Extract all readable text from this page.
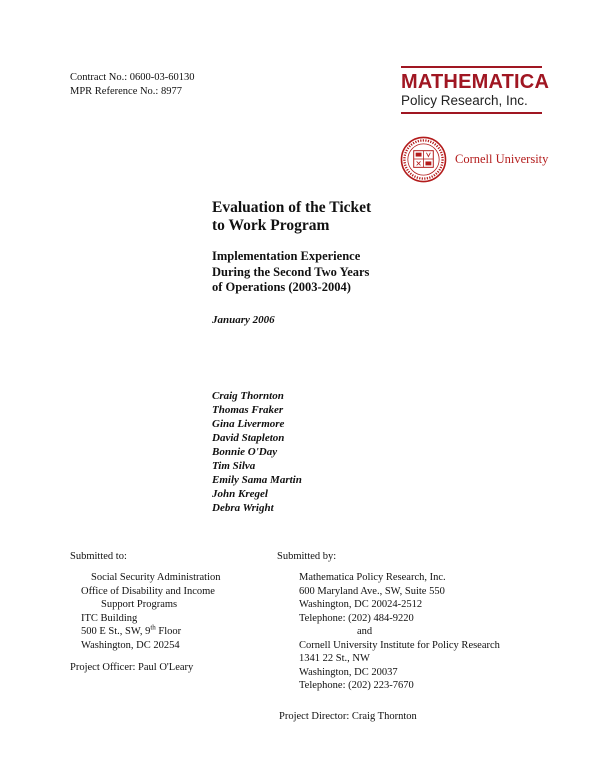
Contract No.: 0600-03-60130
MPR Reference No.: 8977	MATHEMATICA
Policy Research, Inc.
Cornell University
Evaluation of the Ticket
to Work Program
Implementation Experience
During the Second Two Years
of Operations (2003-2004)
January 2006
Craig Thornton
Thomas Fraker
Gina Livermore
David Stapleton
Bonnie O'Day
Tim Silva
Emily Sama Martin
John Kregel
Debra Wright
Submitted to:	Submitted by:
Social Security Administration
Office of Disability and Income
Support Programs
ITC Building
500 E St., SW, 9th Floor
Washington, DC 20254
Project Officer: Paul O'Leary
Mathematica Policy Research, Inc.
600 Maryland Ave., SW, Suite 550
Washington, DC 20024-2512
Telephone: (202) 484-9220
and
Cornell University Institute for Policy Research
1341 22 St., NW
Washington, DC 20037
Telephone: (202) 223-7670
Project Director: Craig Thornton
